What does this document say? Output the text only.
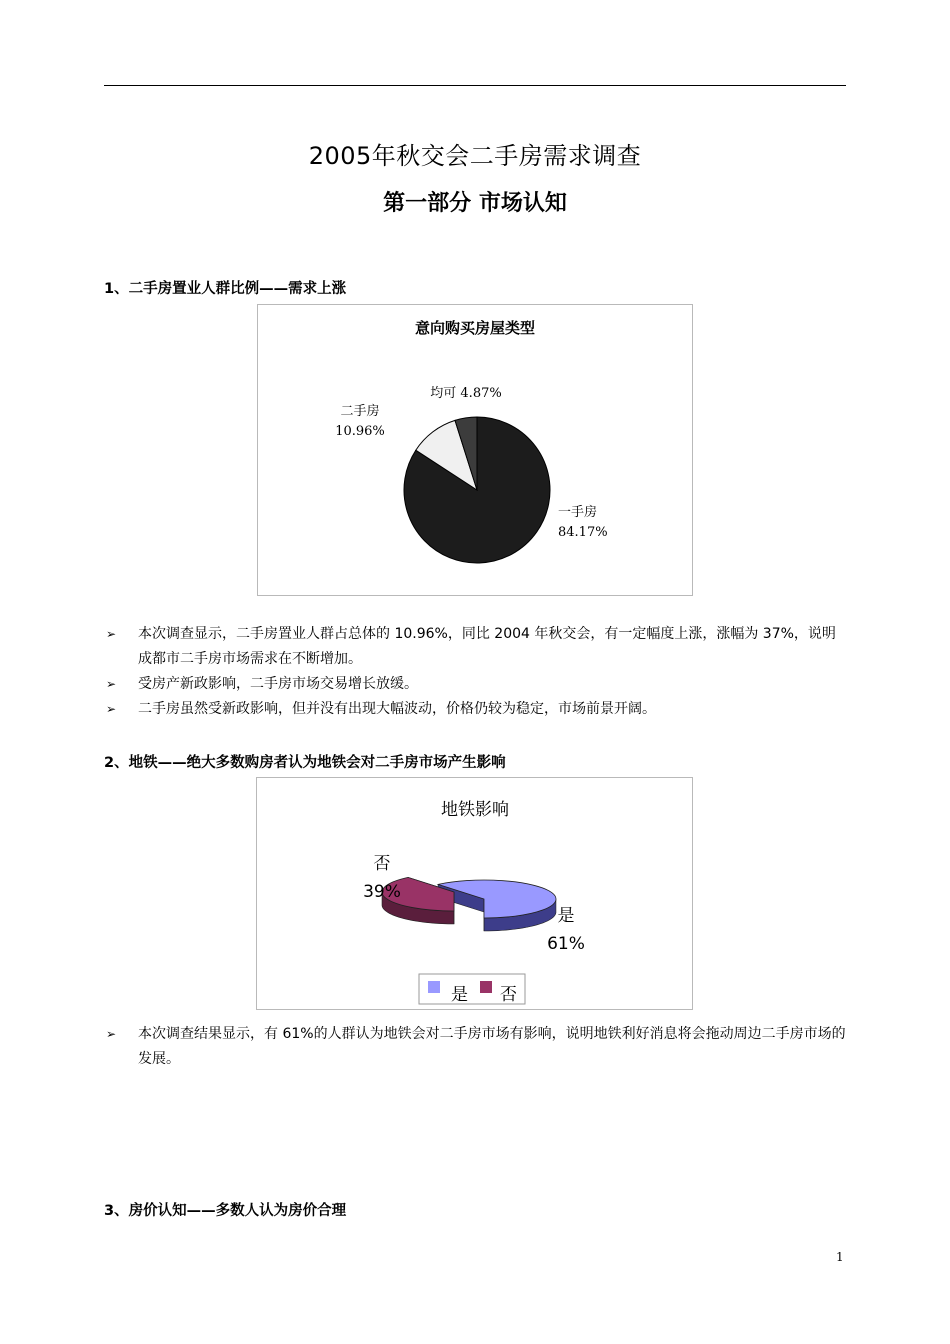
2005年秋交会二手房需求调查
第一部分 市场认知
1、二手房置业人群比例——需求上涨
意向购买房屋类型
一手房 84.17%
二手房 10.96%
均可 4.87%
➢ 本次调查显示，二手房置业人群占总体的 10.96%，同比 2004 年秋交会，有一定幅度上涨，涨幅为 37%，说明成都市二手房市场需求在不断增加。
➢ 受房产新政影响，二手房市场交易增长放缓。
➢ 二手房虽然受新政影响，但并没有出现大幅波动，价格仍较为稳定，市场前景开阔。
2、地铁——绝大多数购房者认为地铁会对二手房市场产生影响
地铁影响
是 61%
否 39%
是 否
➢ 本次调查结果显示，有 61%的人群认为地铁会对二手房市场有影响，说明地铁利好消息将会拖动周边二手房市场的发展。
3、房价认知——多数人认为房价合理
1
